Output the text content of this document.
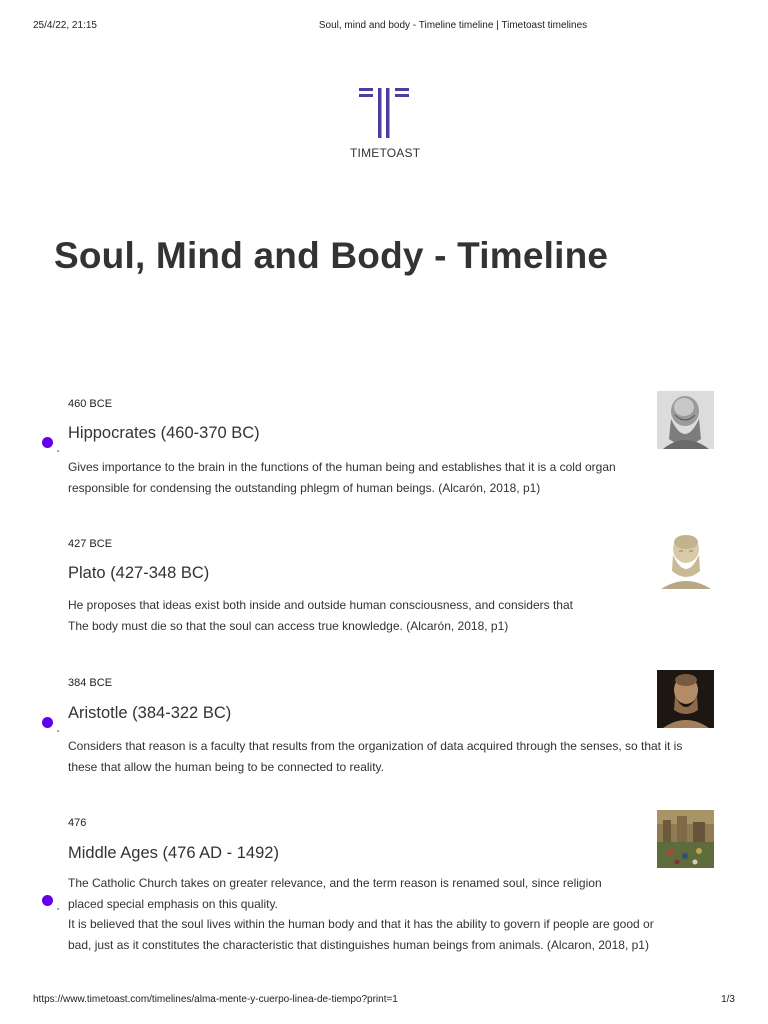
25/4/22, 21:15	Soul, mind and body - Timeline timeline | Timetoast timelines
TIMETOAST
Soul, Mind and Body - Timeline
460 BCE
Hippocrates (460-370 BC)

Gives importance to the brain in the functions of the human being and establishes that it is a cold organ responsible for condensing the outstanding phlegm of human beings. (Alcarón, 2018, p1)

427 BCE
Plato (427-348 BC)

He proposes that ideas exist both inside and outside human consciousness, and considers that

The body must die so that the soul can access true knowledge. (Alcarón, 2018, p1)

384 BCE
Aristotle (384-322 BC)

Considers that reason is a faculty that results from the organization of data acquired through the senses, so that it is these that allow the human being to be connected to reality.

476
Middle Ages (476 AD - 1492)

The Catholic Church takes on greater relevance, and the term reason is renamed soul, since religion placed special emphasis on this quality.

It is believed that the soul lives within the human body and that it has the ability to govern if people are good or bad, just as it constitutes the characteristic that distinguishes human beings from animals. (Alcaron, 2018, p1)

https://www.timetoast.com/timelines/alma-mente-y-cuerpo-linea-de-tiempo?print=1	1/3
